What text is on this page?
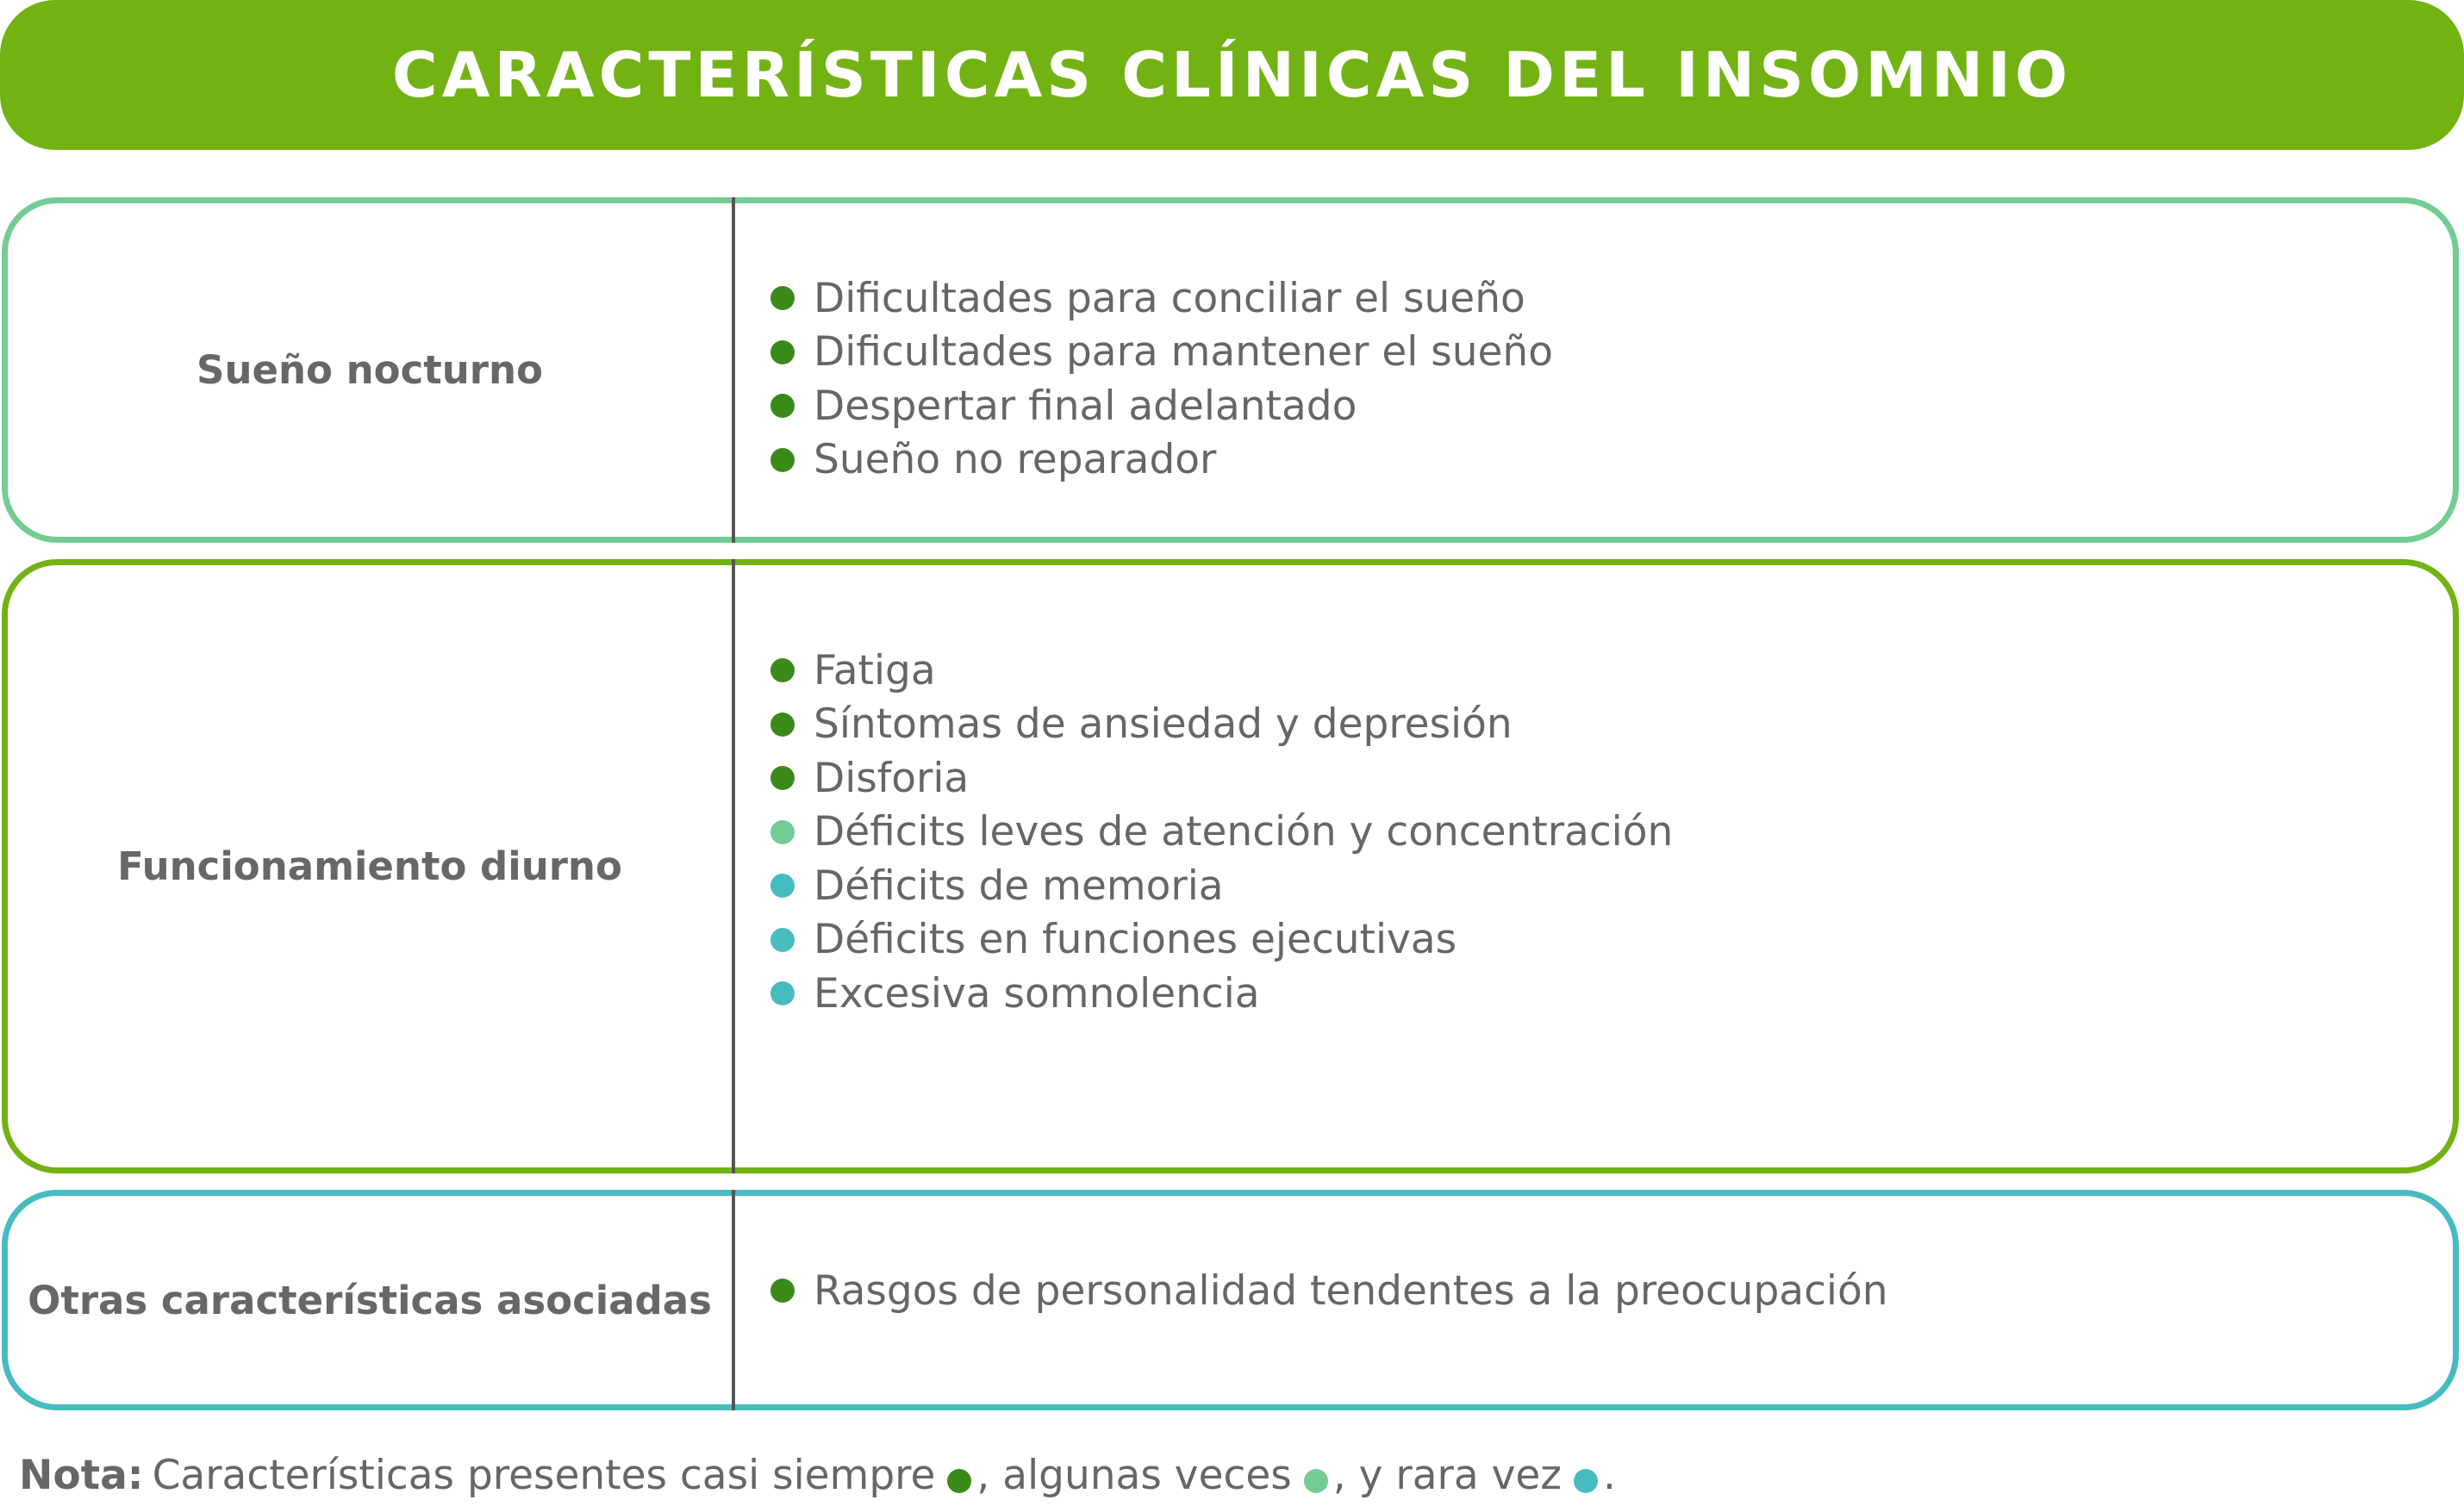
CARACTERÍSTICAS CLÍNICAS DEL INSOMNIO
Sueño nocturno
Dificultades para conciliar el sueño
Dificultades para mantener el sueño
Despertar final adelantado
Sueño no reparador
Funcionamiento diurno
Fatiga
Síntomas de ansiedad y depresión
Disforia
Déficits leves de atención y concentración
Déficits de memoria
Déficits en funciones ejecutivas
Excesiva somnolencia
Otras características asociadas	Rasgos de personalidad tendentes a la preocupación
Nota: Características presentes casi siempre , algunas veces , y rara vez .
